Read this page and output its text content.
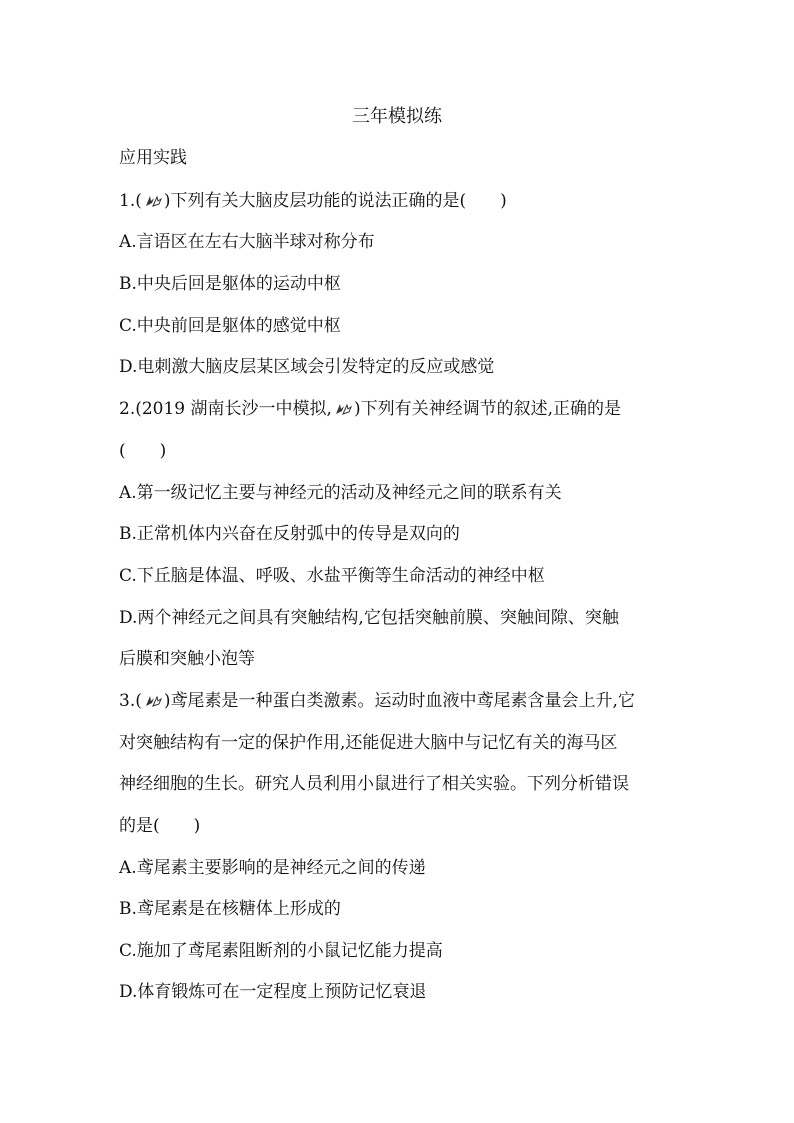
三年模拟练
应用实践
1.( )下列有关大脑皮层功能的说法正确的是(　　)
A.言语区在左右大脑半球对称分布
B.中央后回是躯体的运动中枢
C.中央前回是躯体的感觉中枢
D.电刺激大脑皮层某区域会引发特定的反应或感觉
2.(2019 湖南长沙一中模拟, )下列有关神经调节的叙述,正确的是
(　　)
A.第一级记忆主要与神经元的活动及神经元之间的联系有关
B.正常机体内兴奋在反射弧中的传导是双向的
C.下丘脑是体温、呼吸、水盐平衡等生命活动的神经中枢
D.两个神经元之间具有突触结构,它包括突触前膜、突触间隙、突触
后膜和突触小泡等
3.( )鸢尾素是一种蛋白类激素。运动时血液中鸢尾素含量会上升,它
对突触结构有一定的保护作用,还能促进大脑中与记忆有关的海马区
神经细胞的生长。研究人员利用小鼠进行了相关实验。下列分析错误
的是(　　)
A.鸢尾素主要影响的是神经元之间的传递
B.鸢尾素是在核糖体上形成的
C.施加了鸢尾素阻断剂的小鼠记忆能力提高
D.体育锻炼可在一定程度上预防记忆衰退
